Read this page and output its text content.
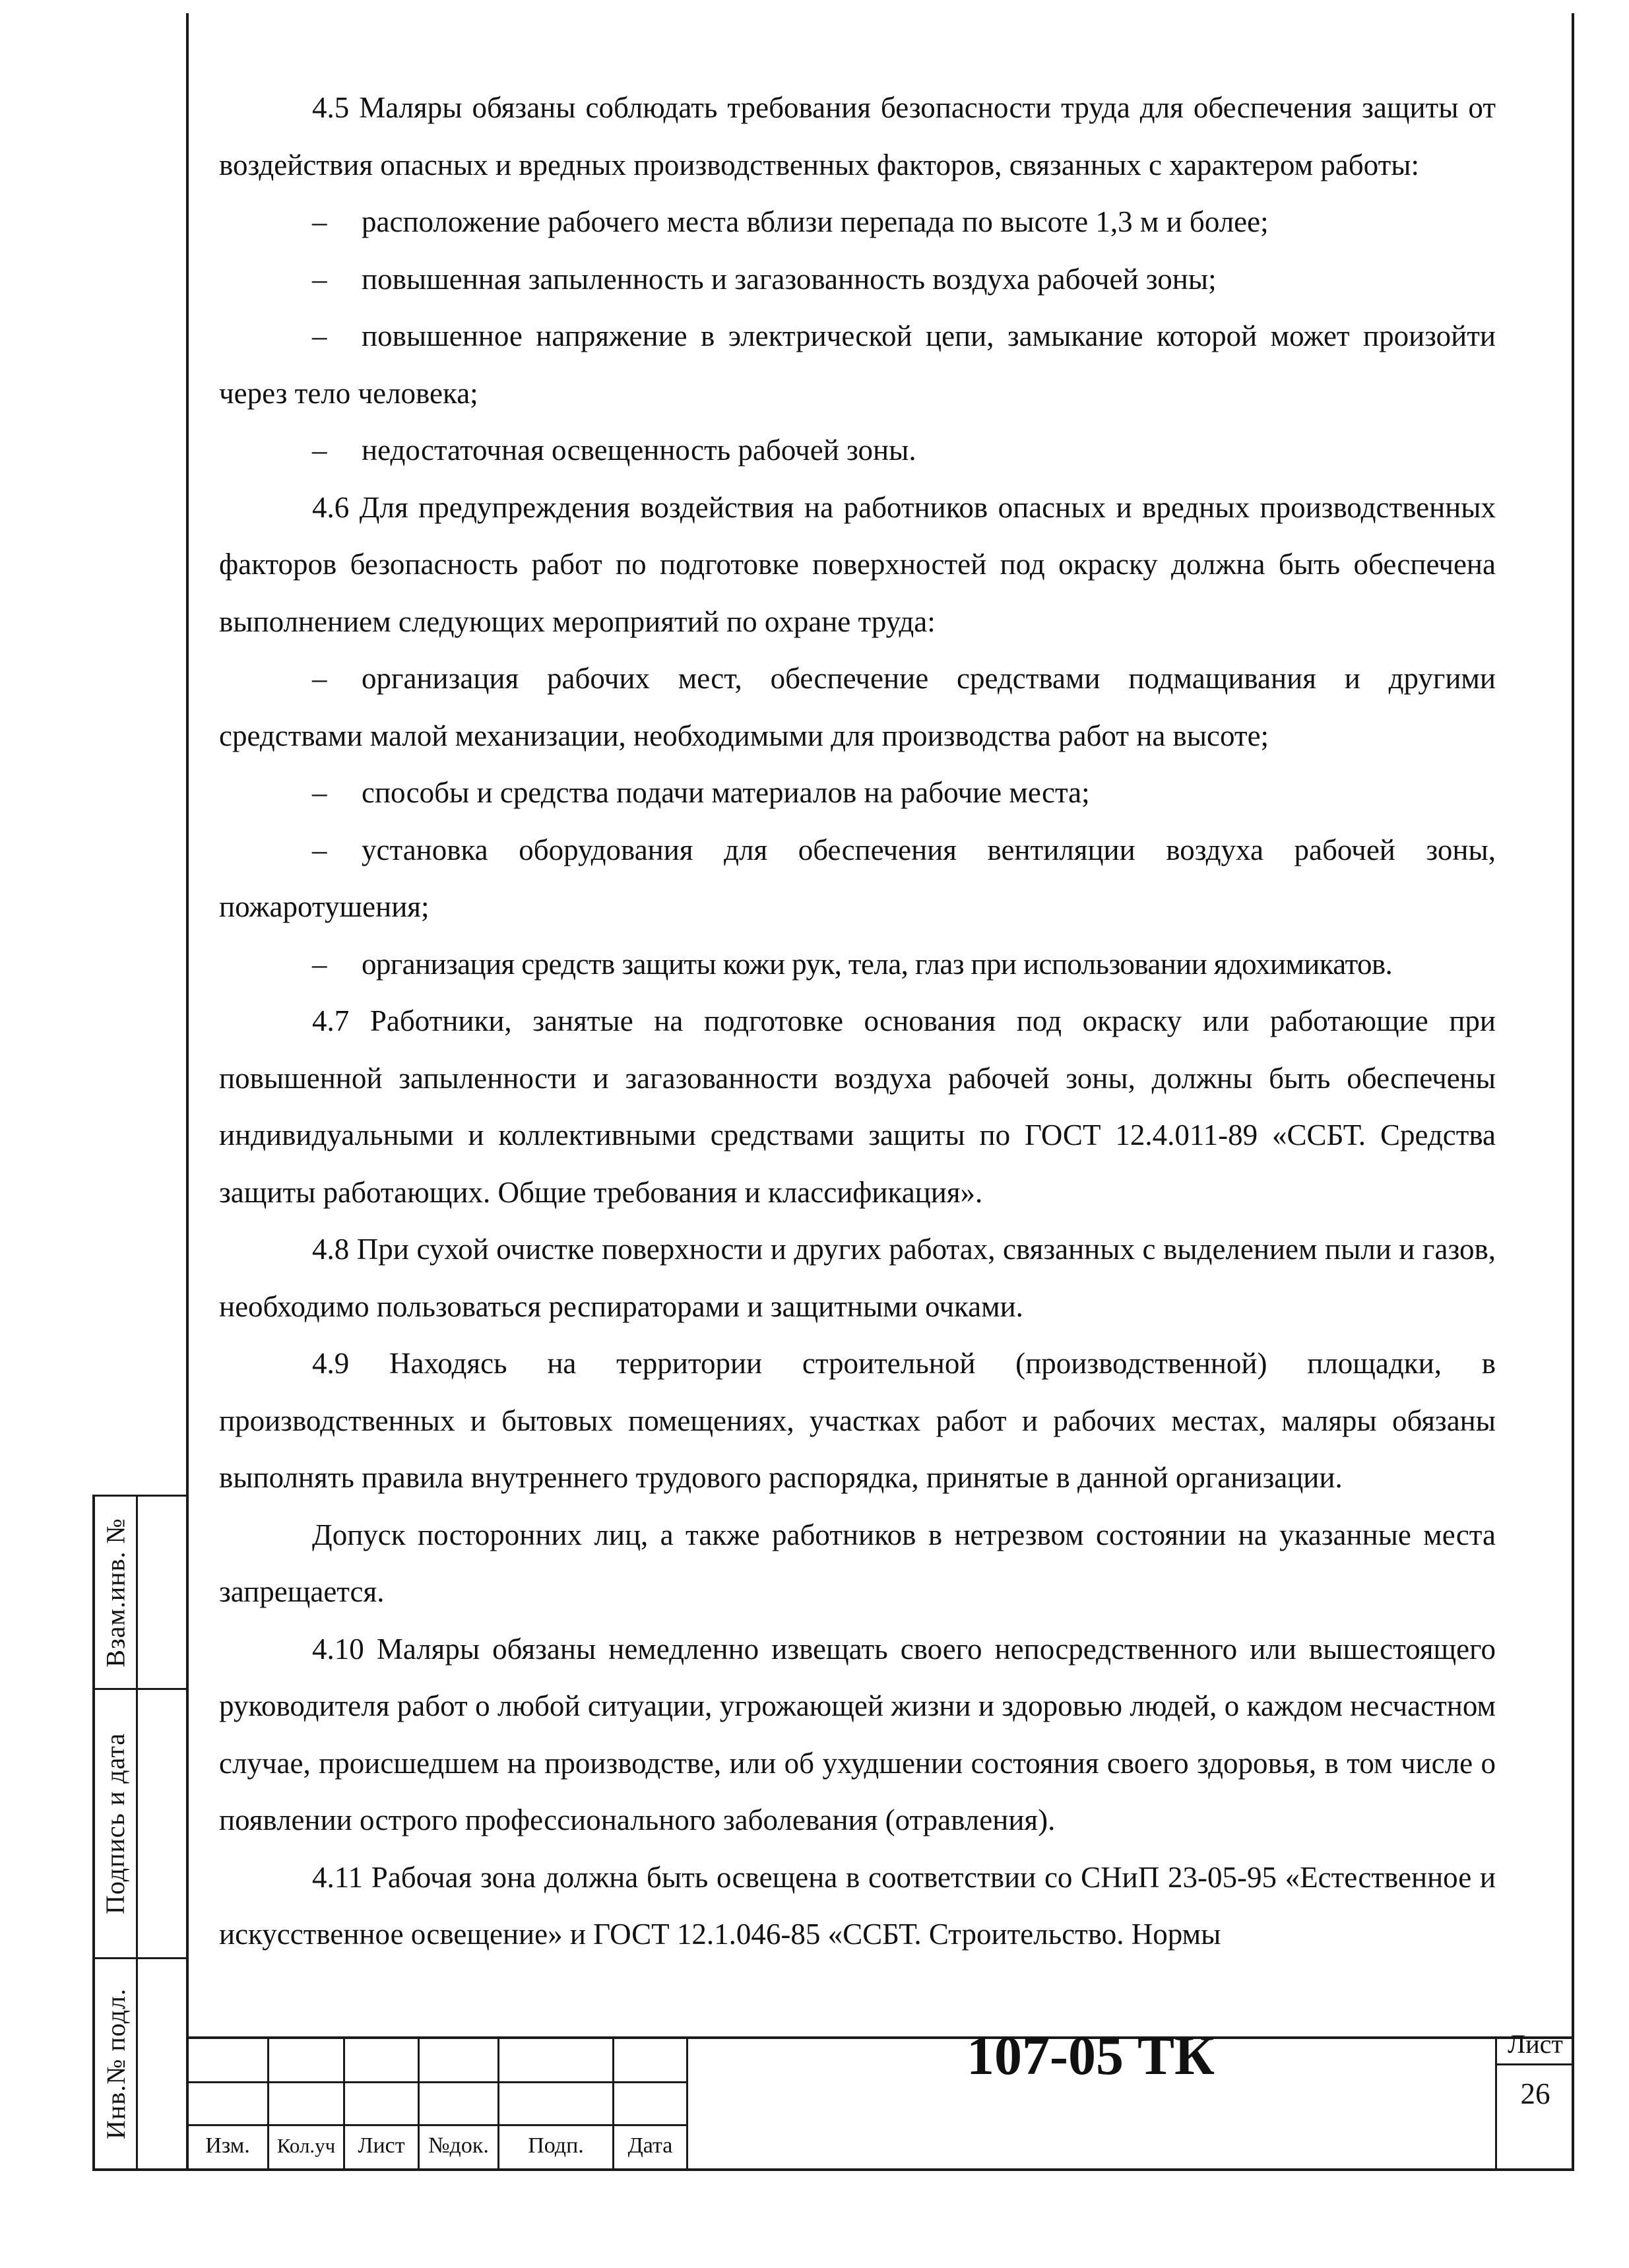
4.5 Маляры обязаны соблюдать требования безопасности труда для обеспечения защиты от воздействия опасных и вредных производственных факторов, связанных с характером работы:

– расположение рабочего места вблизи перепада по высоте 1,3 м и более;

– повышенная запыленность и загазованность воздуха рабочей зоны;

– повышенное напряжение в электрической цепи, замыкание которой может произойти через тело человека;

– недостаточная освещенность рабочей зоны.

4.6 Для предупреждения воздействия на работников опасных и вредных производственных факторов безопасность работ по подготовке поверхностей под окраску должна быть обеспечена выполнением следующих мероприятий по охране труда:

– организация рабочих мест, обеспечение средствами подмащивания и другими средствами малой механизации, необходимыми для производства работ на высоте;

– способы и средства подачи материалов на рабочие места;

– установка оборудования для обеспечения вентиляции воздуха рабочей зоны, пожаротушения;

– организация средств защиты кожи рук, тела, глаз при использовании ядохимикатов.

4.7 Работники, занятые на подготовке основания под окраску или работающие при повышенной запыленности и загазованности воздуха рабочей зоны, должны быть обеспечены индивидуальными и коллективными средствами защиты по ГОСТ 12.4.011-89 «ССБТ. Средства защиты работающих. Общие требования и классификация».

4.8 При сухой очистке поверхности и других работах, связанных с выделением пыли и газов, необходимо пользоваться респираторами и защитными очками.

4.9 Находясь на территории строительной (производственной) площадки, в производственных и бытовых помещениях, участках работ и рабочих местах, маляры обязаны выполнять правила внутреннего трудового распорядка, принятые в данной организации.

Допуск посторонних лиц, а также работников в нетрезвом состоянии на указанные места запрещается.

4.10 Маляры обязаны немедленно извещать своего непосредственного или вышестоящего руководителя работ о любой ситуации, угрожающей жизни и здоровью людей, о каждом несчастном случае, происшедшем на производстве, или об ухудшении состояния своего здоровья, в том числе о появлении острого профессионального заболевания (отравления).

4.11 Рабочая зона должна быть освещена в соответствии со СНиП 23-05-95 «Естественное и искусственное освещение» и ГОСТ 12.1.046-85 «ССБТ. Строительство. Нормы

Взам.инв. №
Подпись и дата
Инв.№ подл.
Изм.	Кол.уч	Лист	№док.	Подп.	Дата
107-05 ТК	Лист
26
